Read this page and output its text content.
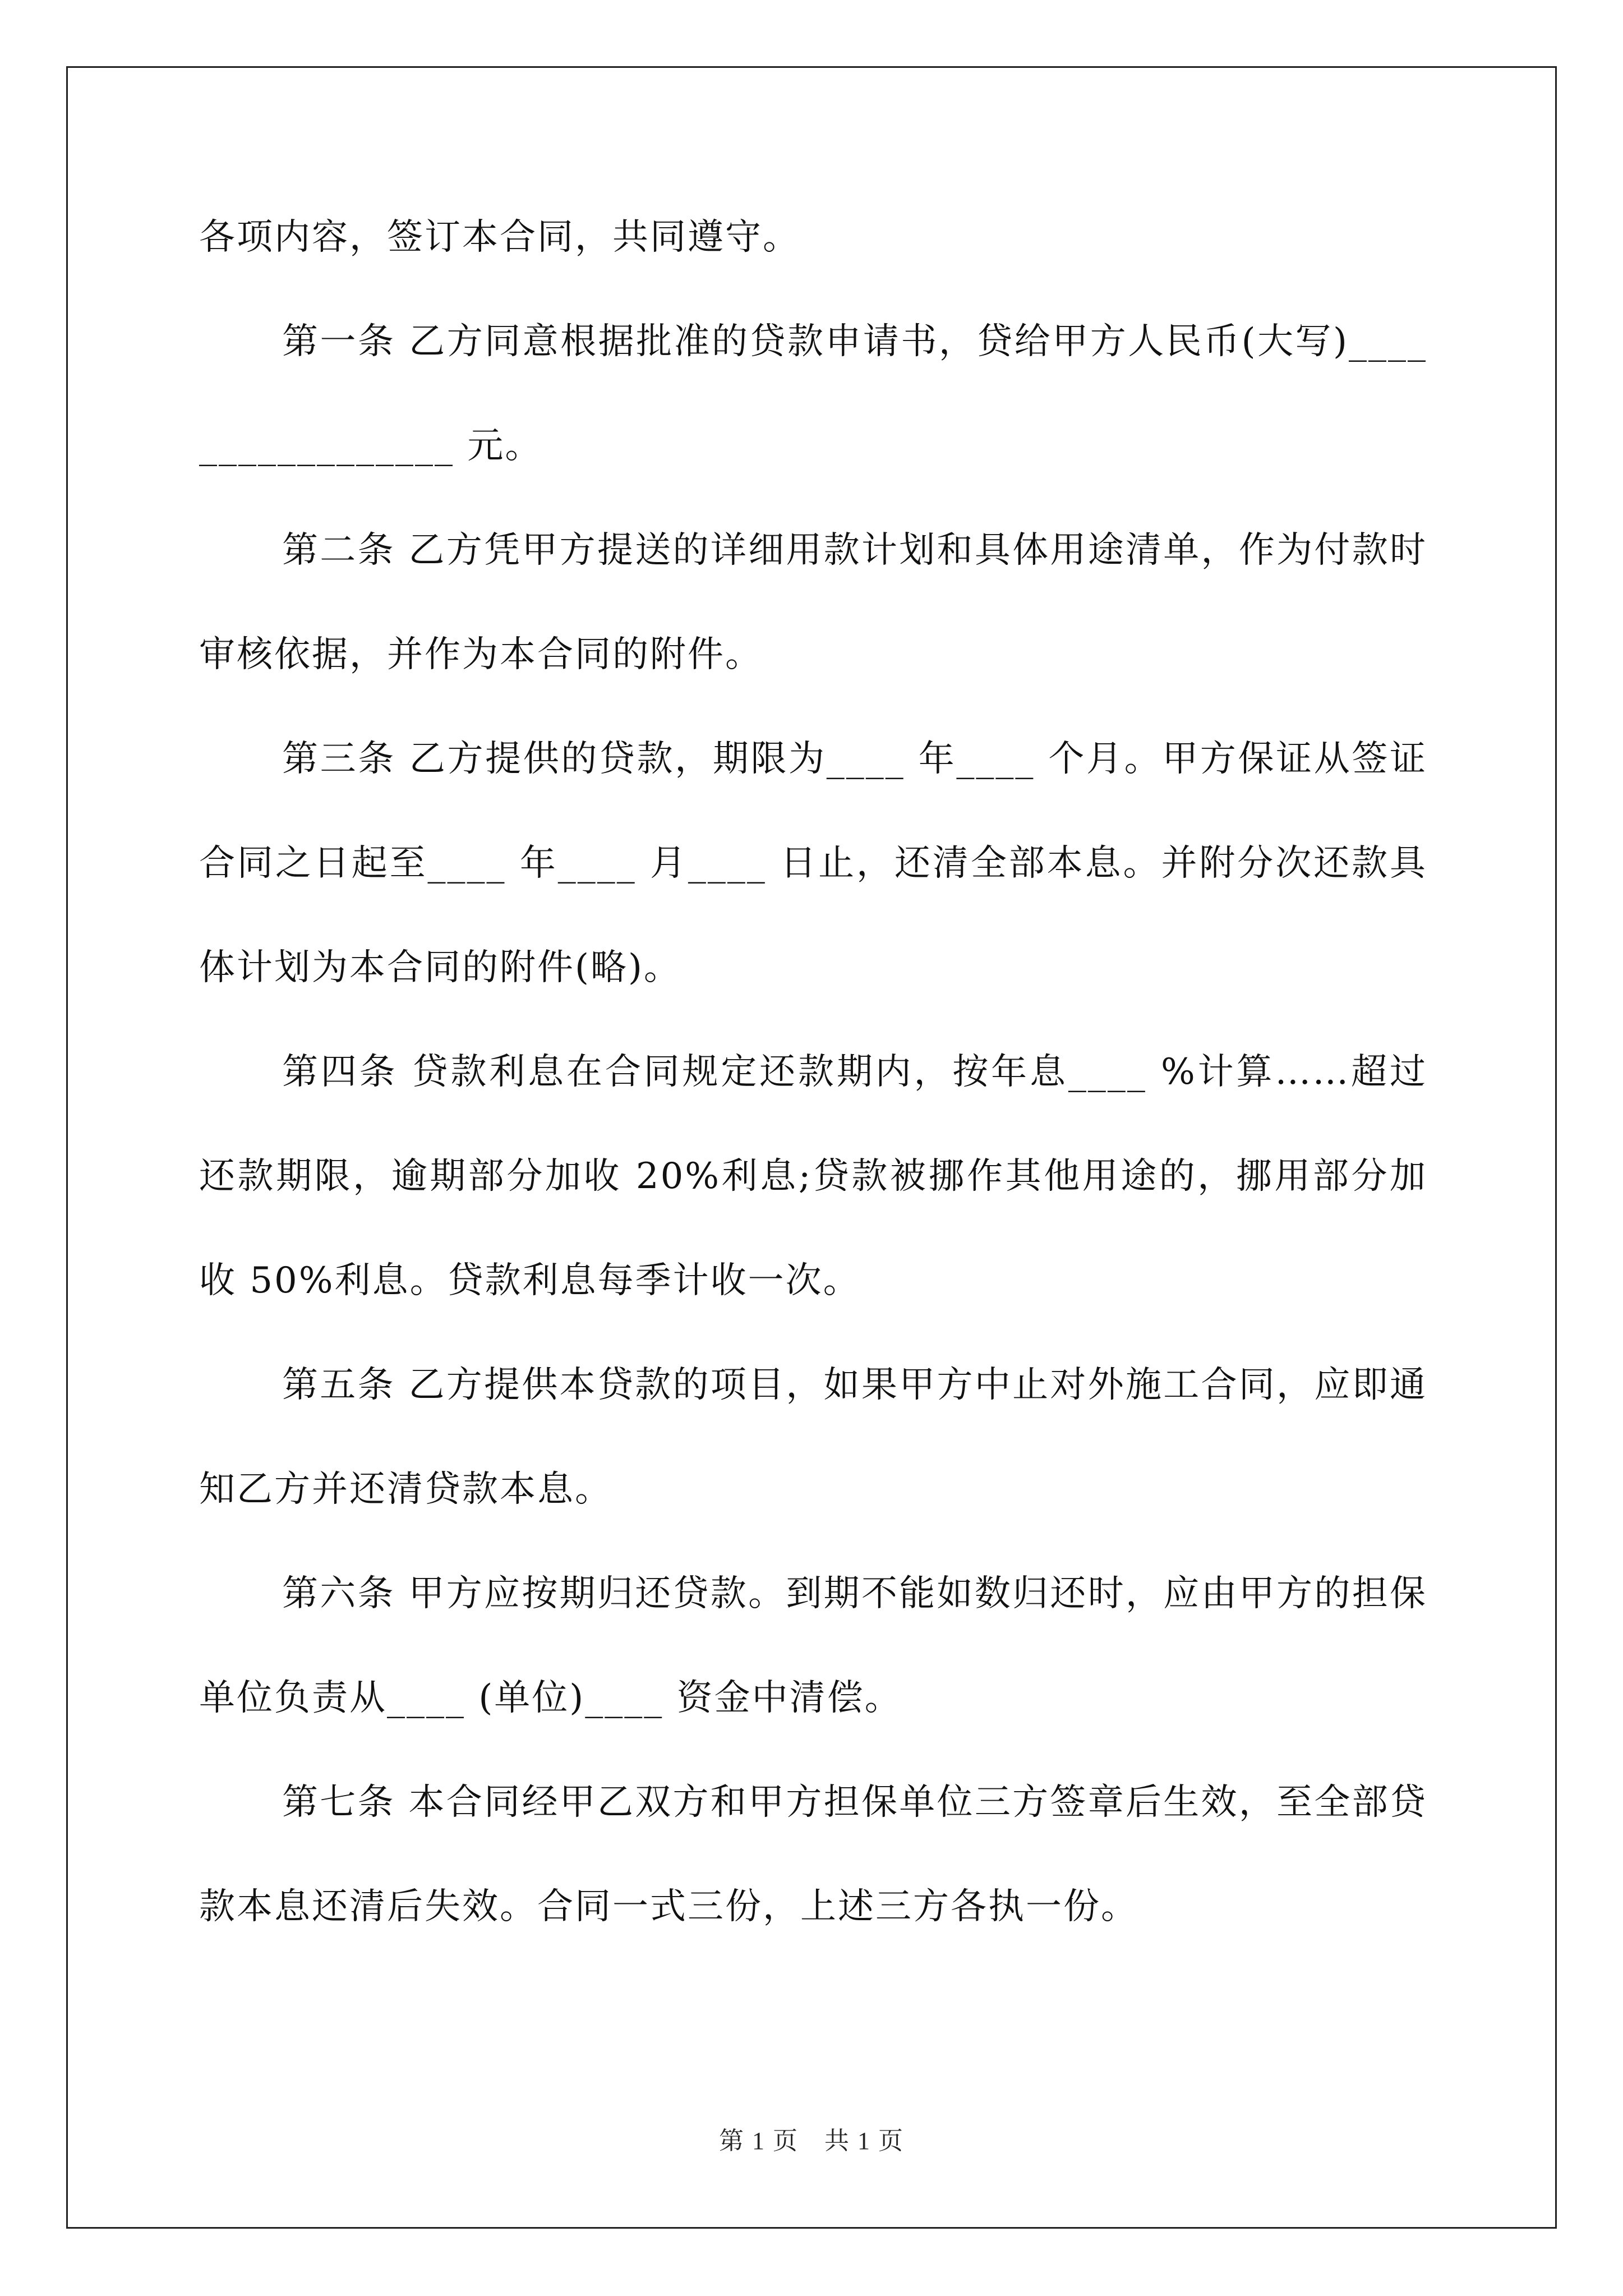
各项内容，签订本合同，共同遵守。

第一条 乙方同意根据批准的贷款申请书，贷给甲方人民币(大写)_________________ 元。

第二条 乙方凭甲方提送的详细用款计划和具体用途清单，作为付款时审核依据，并作为本合同的附件。

第三条 乙方提供的贷款，期限为____ 年____ 个月。甲方保证从签证合同之日起至____ 年____ 月____ 日止，还清全部本息。并附分次还款具体计划为本合同的附件(略)。

第四条 贷款利息在合同规定还款期内，按年息____ %计算……超过还款期限，逾期部分加收 20%利息;贷款被挪作其他用途的，挪用部分加收 50%利息。贷款利息每季计收一次。

第五条 乙方提供本贷款的项目，如果甲方中止对外施工合同，应即通知乙方并还清贷款本息。

第六条 甲方应按期归还贷款。到期不能如数归还时，应由甲方的担保单位负责从____ (单位)____ 资金中清偿。

第七条 本合同经甲乙双方和甲方担保单位三方签章后生效，至全部贷款本息还清后失效。合同一式三份，上述三方各执一份。

第 1 页　共 1 页
